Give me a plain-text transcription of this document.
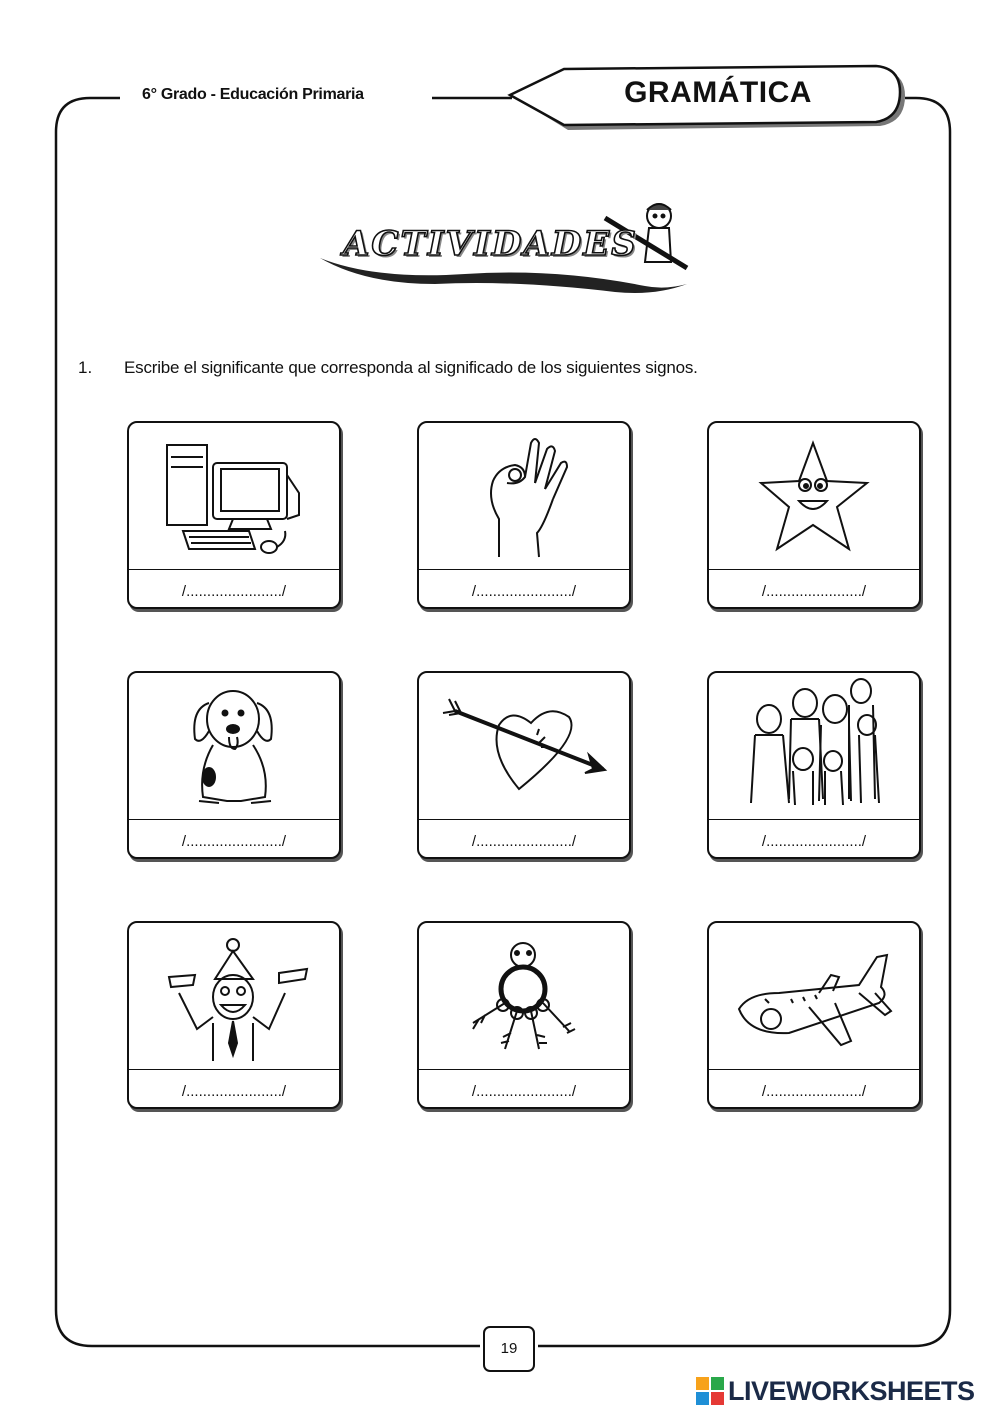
6° Grado - Educación Primaria	GRAMÁTICA
ACTIVIDADES
1. Escribe el significante que corresponda al significado de los siguientes signos.
/......................./	/......................./	/......................./
/......................./	/......................./	/......................./
/......................./	/......................./	/......................./
19
LIVEWORKSHEETS
